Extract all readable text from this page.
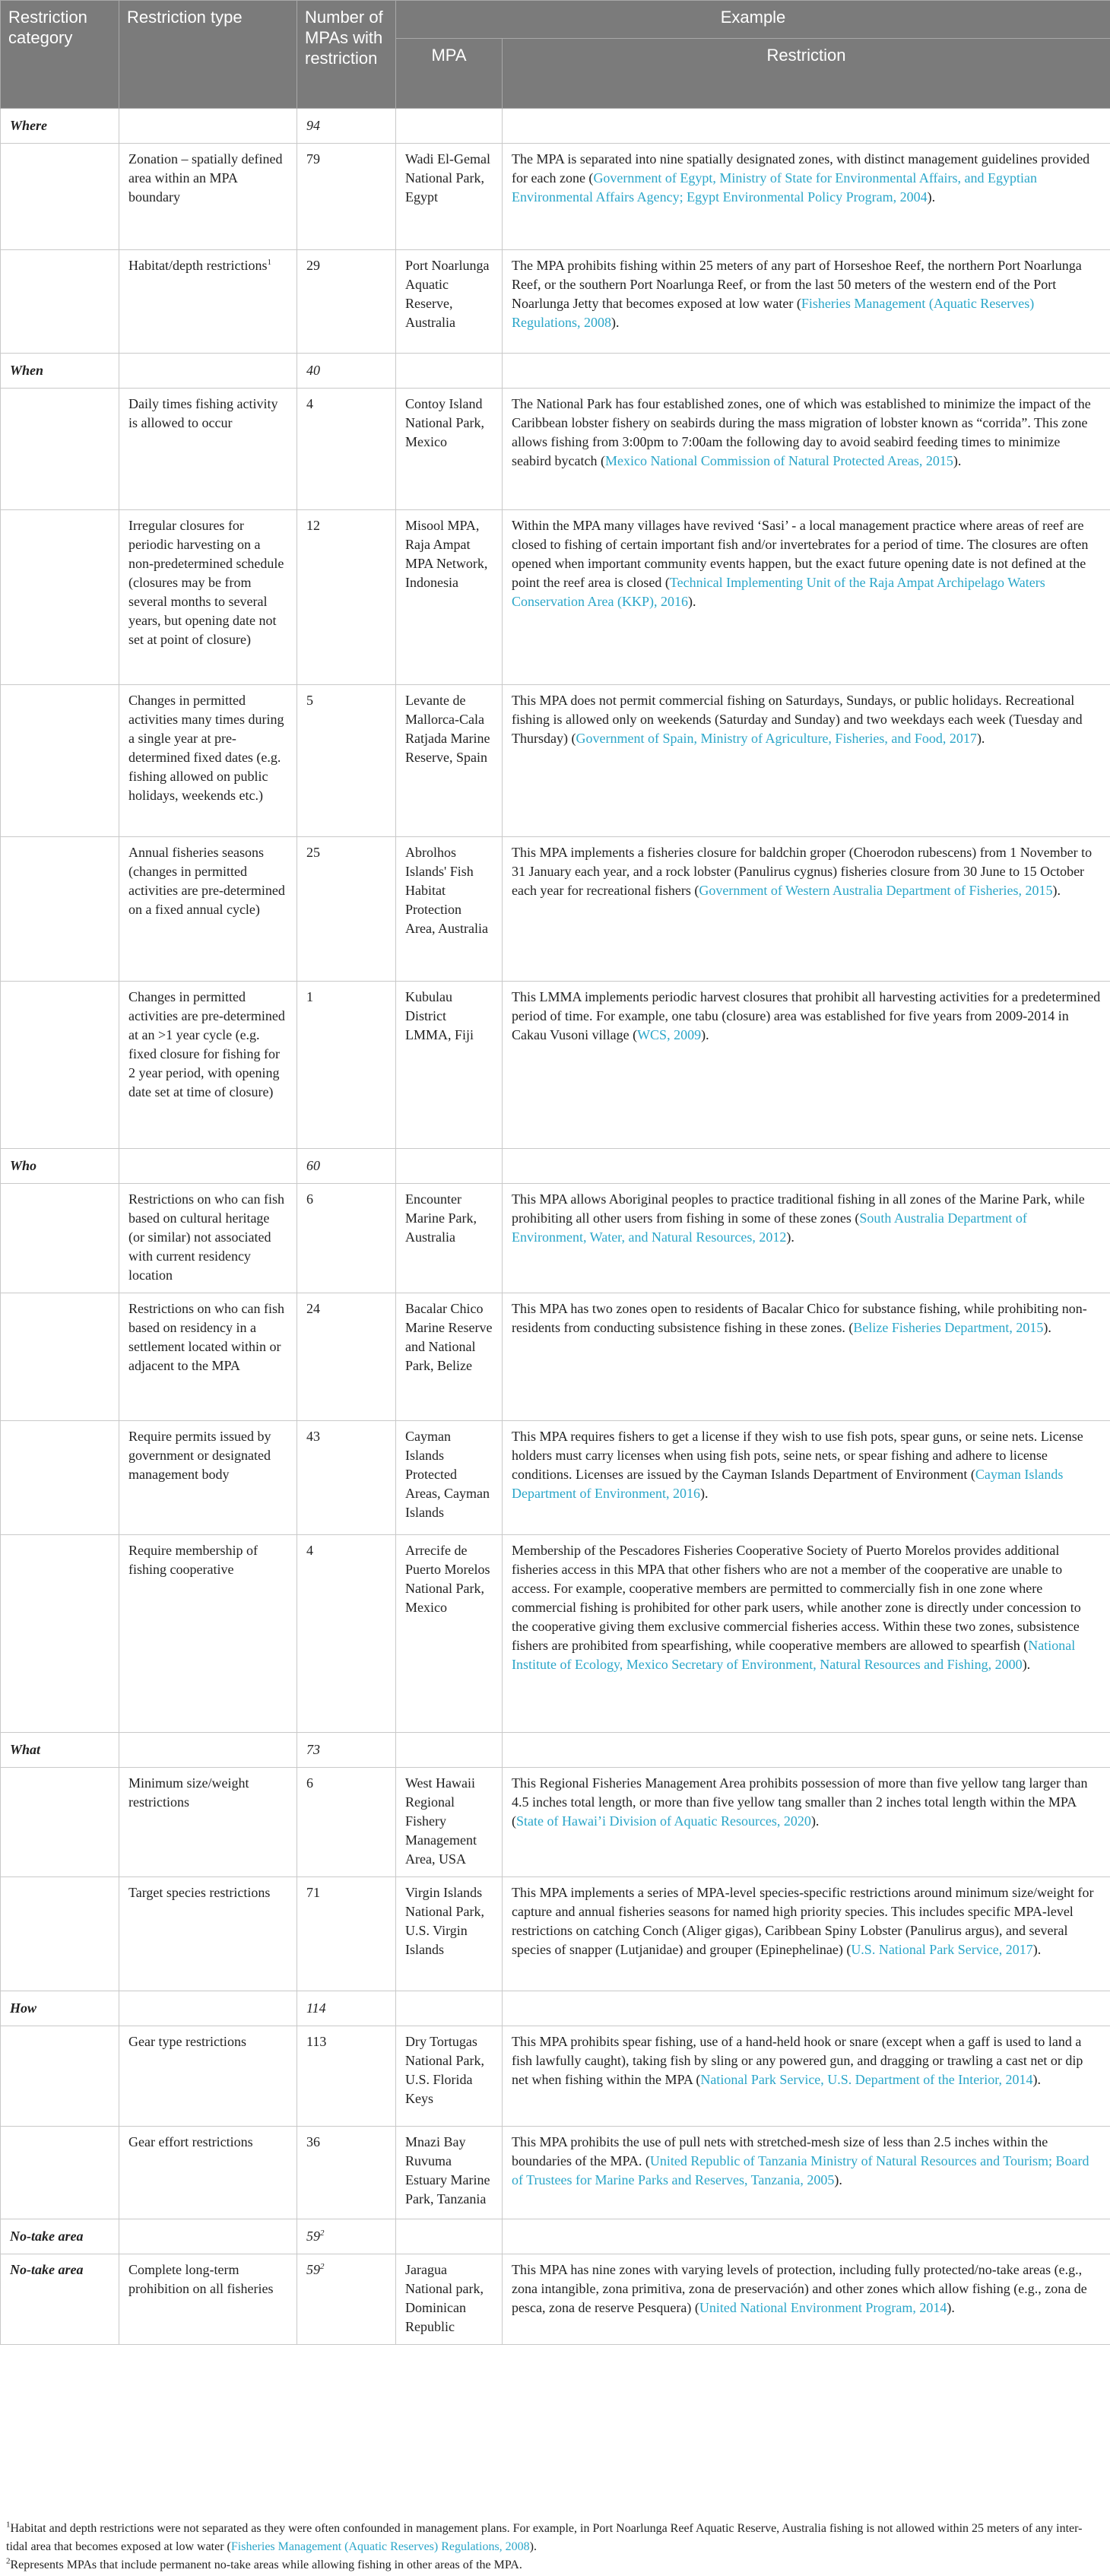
Restriction category	Restriction type	Number of MPAs with restriction	Example	
			MPA	Restriction
Where		94		
	Zonation – spatially defined area within an MPA boundary	79	Wadi El-Gemal National Park, Egypt	The MPA is separated into nine spatially designated zones, with distinct management guidelines provided for each zone (Government of Egypt, Ministry of State for Environmental Affairs, and Egyptian Environmental Affairs Agency; Egypt Environmental Policy Program, 2004).
	Habitat/depth restrictions$^1$	29	Port Noarlunga Aquatic Reserve, Australia	The MPA prohibits fishing within 25 meters of any part of Horseshoe Reef, the northern Port Noarlunga Reef, or the southern Port Noarlunga Reef, or from the last 50 meters of the western end of the Port Noarlunga Jetty that becomes exposed at low water (Fisheries Management (Aquatic Reserves) Regulations, 2008).
When		40		
	Daily times fishing activity is allowed to occur	4	Contoy Island National Park, Mexico	The National Park has four established zones, one of which was established to minimize the impact of the Caribbean lobster fishery on seabirds during the mass migration of lobster known as “corrida”. This zone allows fishing from 3:00pm to 7:00am the following day to avoid seabird feeding times to minimize seabird bycatch (Mexico National Commission of Natural Protected Areas, 2015).
	Irregular closures for periodic harvesting on a non-predetermined schedule (closures may be from several months to several years, but opening date not set at point of closure)	12	Misool MPA, Raja Ampat MPA Network, Indonesia	Within the MPA many villages have revived ‘Sasi’ - a local management practice where areas of reef are closed to fishing of certain important fish and/or invertebrates for a period of time. The closures are often opened when important community events happen, but the exact future opening date is not defined at the point the reef area is closed (Technical Implementing Unit of the Raja Ampat Archipelago Waters Conservation Area (KKP), 2016).
	Changes in permitted activities many times during a single year at pre-determined fixed dates (e.g. fishing allowed on public holidays, weekends etc.)	5	Levante de Mallorca-Cala Ratjada Marine Reserve, Spain	This MPA does not permit commercial fishing on Saturdays, Sundays, or public holidays. Recreational fishing is allowed only on weekends (Saturday and Sunday) and two weekdays each week (Tuesday and Thursday) (Government of Spain, Ministry of Agriculture, Fisheries, and Food, 2017).
	Annual fisheries seasons (changes in permitted activities are pre-determined on a fixed annual cycle)	25	Abrolhos Islands' Fish Habitat Protection Area, Australia	This MPA implements a fisheries closure for baldchin groper (Choerodon rubescens) from 1 November to 31 January each year, and a rock lobster (Panulirus cygnus) fisheries closure from 30 June to 15 October each year for recreational fishers (Government of Western Australia Department of Fisheries, 2015).
	Changes in permitted activities are pre-determined at an >1 year cycle (e.g. fixed closure for fishing for 2 year period, with opening date set at time of closure)	1	Kubulau District LMMA, Fiji	This LMMA implements periodic harvest closures that prohibit all harvesting activities for a predetermined period of time. For example, one tabu (closure) area was established for five years from 2009-2014 in Cakau Vusoni village (WCS, 2009).
Who		60		
	Restrictions on who can fish based on cultural heritage (or similar) not associated with current residency location	6	Encounter Marine Park, Australia	This MPA allows Aboriginal peoples to practice traditional fishing in all zones of the Marine Park, while prohibiting all other users from fishing in some of these zones (South Australia Department of Environment, Water, and Natural Resources, 2012).
	Restrictions on who can fish based on residency in a settlement located within or adjacent to the MPA	24	Bacalar Chico Marine Reserve and National Park, Belize	This MPA has two zones open to residents of Bacalar Chico for substance fishing, while prohibiting non-residents from conducting subsistence fishing in these zones. (Belize Fisheries Department, 2015).
	Require permits issued by government or designated management body	43	Cayman Islands Protected Areas, Cayman Islands	This MPA requires fishers to get a license if they wish to use fish pots, spear guns, or seine nets. License holders must carry licenses when using fish pots, seine nets, or spear fishing and adhere to license conditions. Licenses are issued by the Cayman Islands Department of Environment (Cayman Islands Department of Environment, 2016).
	Require membership of fishing cooperative	4	Arrecife de Puerto Morelos National Park, Mexico	Membership of the Pescadores Fisheries Cooperative Society of Puerto Morelos provides additional fisheries access in this MPA that other fishers who are not a member of the cooperative are unable to access. For example, cooperative members are permitted to commercially fish in one zone where commercial fishing is prohibited for other park users, while another zone is directly under concession to the cooperative giving them exclusive commercial fisheries access. Within these two zones, subsistence fishers are prohibited from spearfishing, while cooperative members are allowed to spearfish (National Institute of Ecology, Mexico Secretary of Environment, Natural Resources and Fishing, 2000).
What		73		
	Minimum size/weight restrictions	6	West Hawaii Regional Fishery Management Area, USA	This Regional Fisheries Management Area prohibits possession of more than five yellow tang larger than 4.5 inches total length, or more than five yellow tang smaller than 2 inches total length within the MPA (State of Hawai’i Division of Aquatic Resources, 2020).
	Target species restrictions	71	Virgin Islands National Park, U.S. Virgin Islands	This MPA implements a series of MPA-level species-specific restrictions around minimum size/weight for capture and annual fisheries seasons for named high priority species. This includes specific MPA-level restrictions on catching Conch (Aliger gigas), Caribbean Spiny Lobster (Panulirus argus), and several species of snapper (Lutjanidae) and grouper (Epinephelinae) (U.S. National Park Service, 2017).
How		114		
	Gear type restrictions	113	Dry Tortugas National Park, U.S. Florida Keys	This MPA prohibits spear fishing, use of a hand-held hook or snare (except when a gaff is used to land a fish lawfully caught), taking fish by sling or any powered gun, and dragging or trawling a cast net or dip net when fishing within the MPA (National Park Service, U.S. Department of the Interior, 2014).
	Gear effort restrictions	36	Mnazi Bay Ruvuma Estuary Marine Park, Tanzania	This MPA prohibits the use of pull nets with stretched-mesh size of less than 2.5 inches within the boundaries of the MPA. (United Republic of Tanzania Ministry of Natural Resources and Tourism; Board of Trustees for Marine Parks and Reserves, Tanzania, 2005).
No-take area		$59^2$		
No-take area	Complete long-term prohibition on all fisheries	$59^2$	Jaragua National park, Dominican Republic	This MPA has nine zones with varying levels of protection, including fully protected/no-take areas (e.g., zona intangible, zona primitiva, zona de preservación) and other zones which allow fishing (e.g., zona de pesca, zona de reserve Pesquera) (United National Environment Program, 2014).
$^1$Habitat and depth restrictions were not separated as they were often confounded in management plans. For example, in Port Noarlunga Reef Aquatic Reserve, Australia fishing is not allowed within 25 meters of any inter-tidal area that becomes exposed at low water (Fisheries Management (Aquatic Reserves) Regulations, 2008).
$^2$Represents MPAs that include permanent no-take areas while allowing fishing in other areas of the MPA.
